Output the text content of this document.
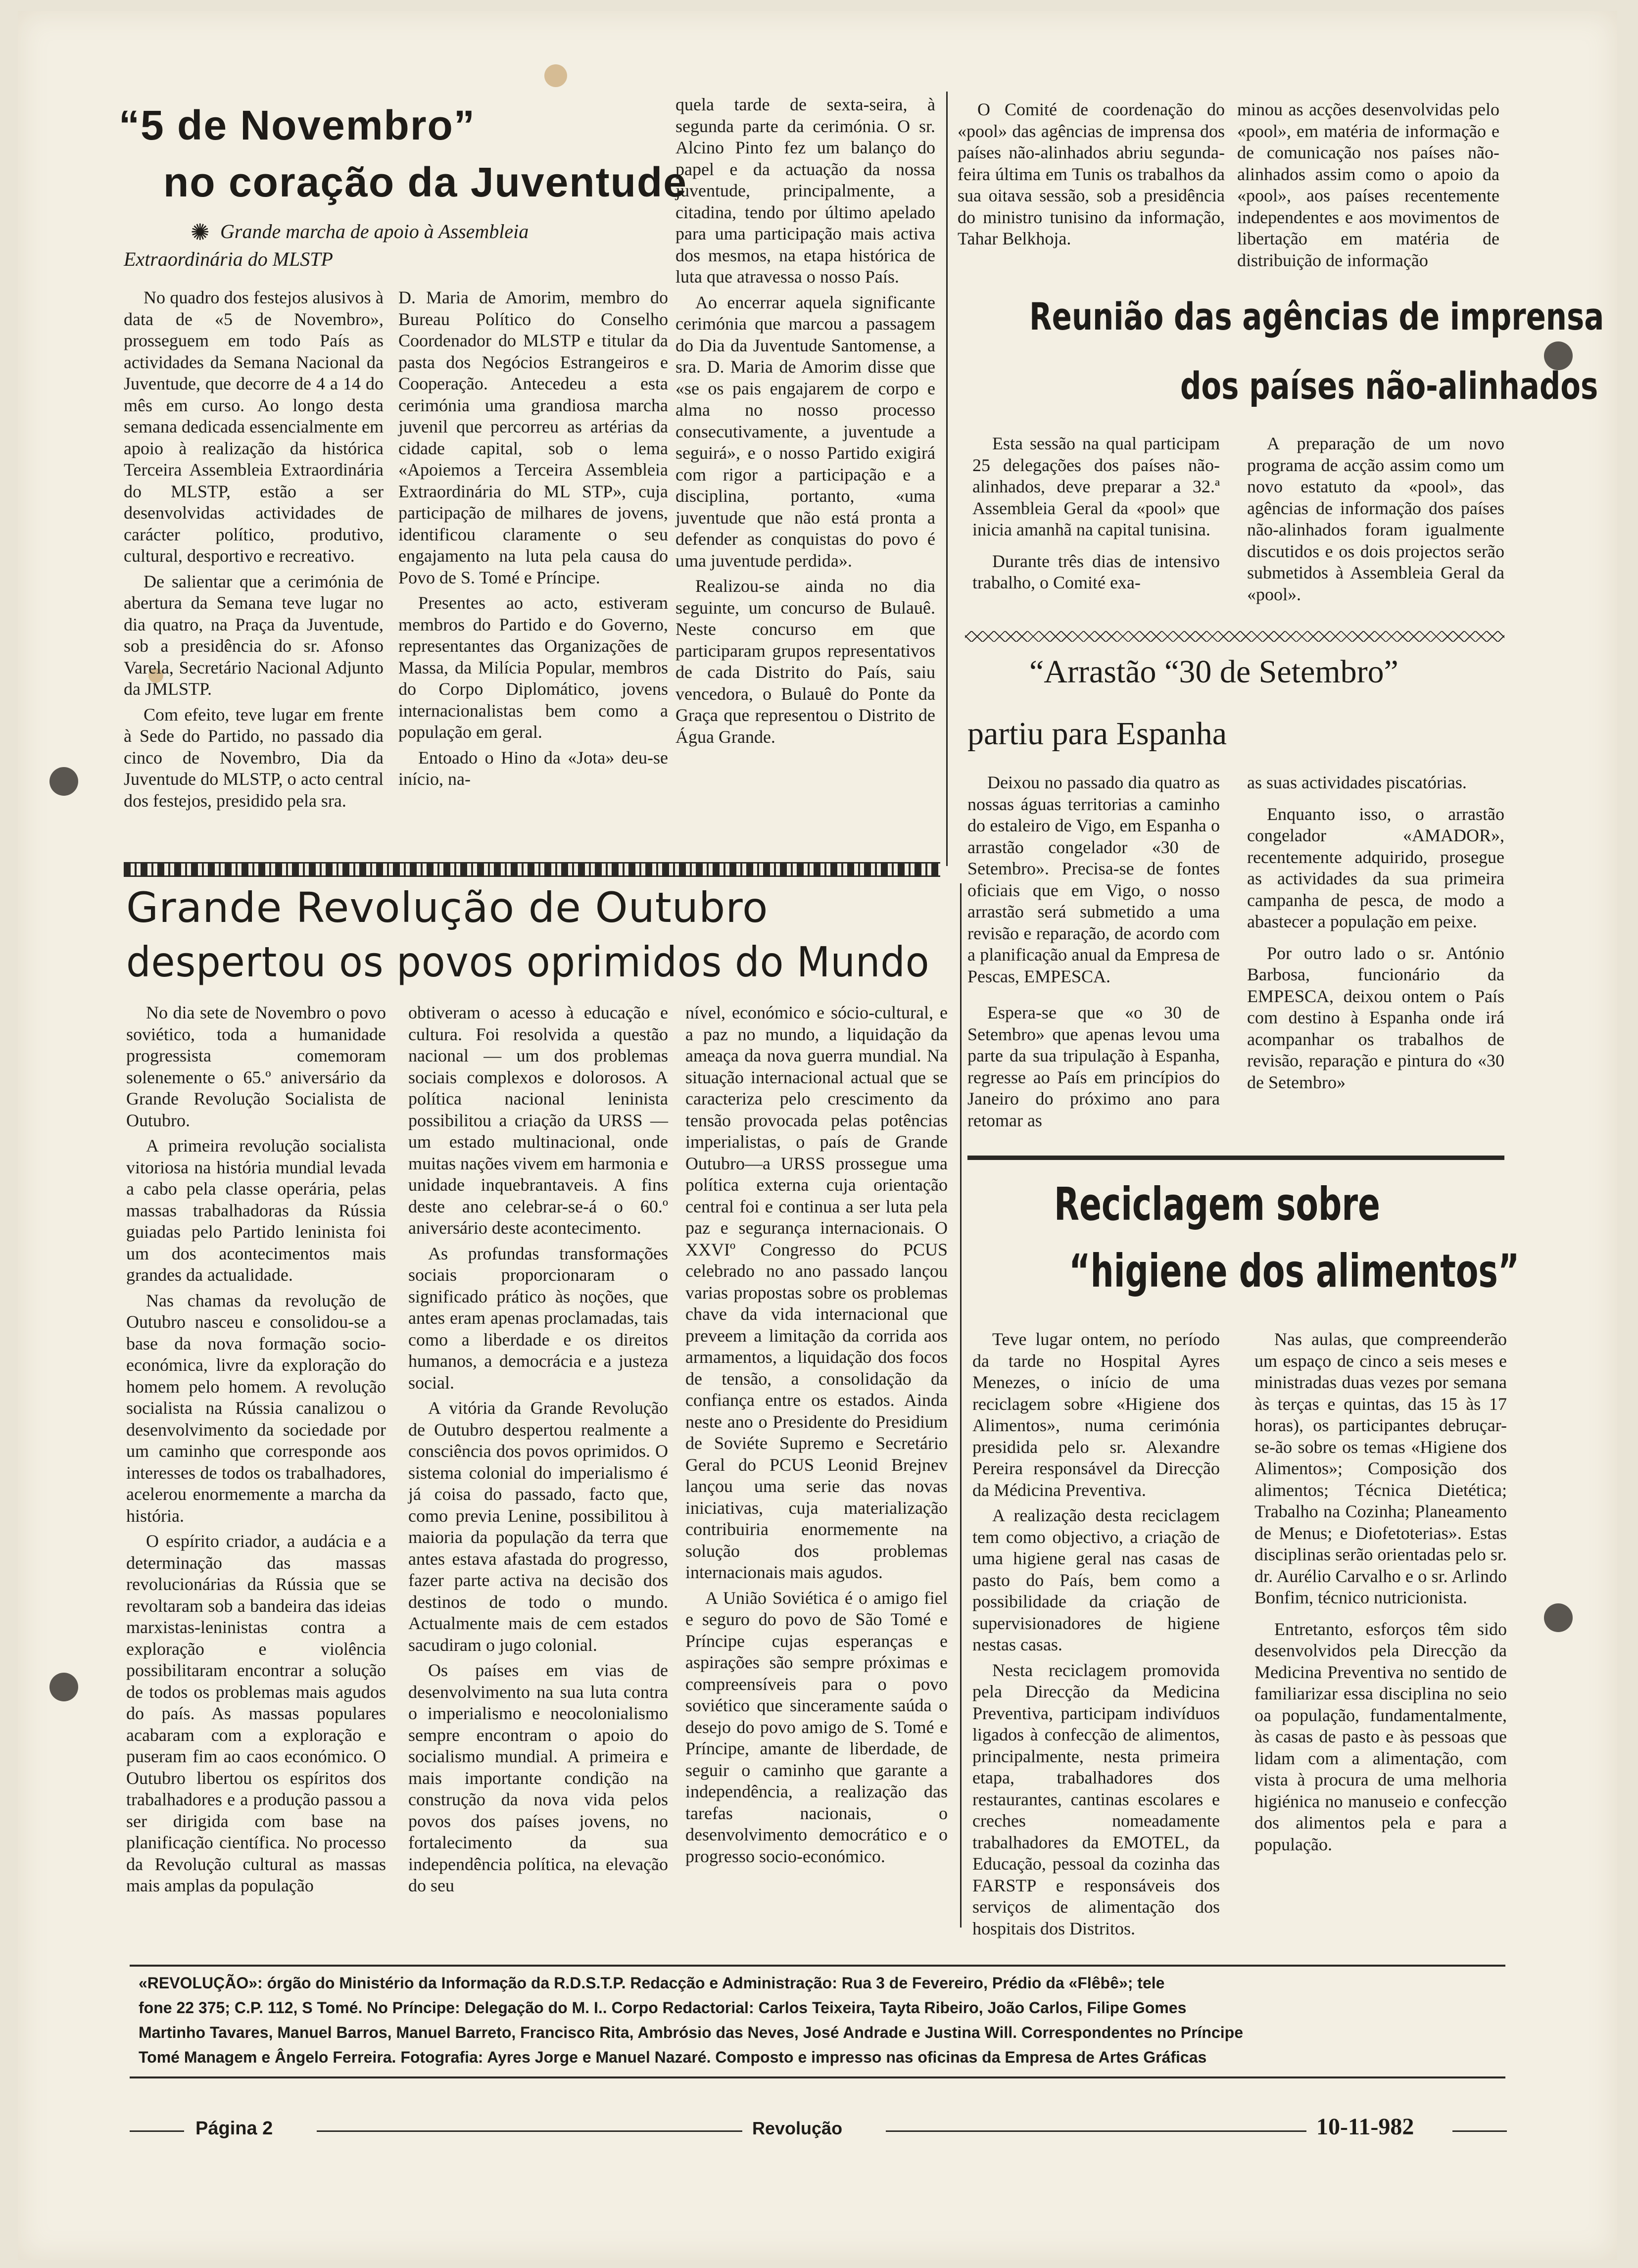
“5 de Novembro”
no coração da Juventude
✺ Grande marcha de apoio à Assembleia Extraordinária do MLSTP

No quadro dos festejos alusivos à data de «5 de Novembro», prosseguem em todo País as actividades da Semana Nacional da Juventude, que decorre de 4 a 14 do mês em curso. Ao longo desta semana dedicada essencialmente em apoio à realização da histórica Terceira Assembleia Extraordinária do MLSTP, estão a ser desenvolvidas actividades de carácter político, produtivo, cultural, desportivo e recreativo.

De salientar que a cerimónia de abertura da Semana teve lugar no dia quatro, na Praça da Juventude, sob a presidência do sr. Afonso Varela, Secretário Nacional Adjunto da JMLSTP.

Com efeito, teve lugar em frente à Sede do Partido, no passado dia cinco de Novembro, Dia da Juventude do MLSTP, o acto central dos festejos, presidido pela sra.

D. Maria de Amorim, membro do Bureau Político do Conselho Coordenador do MLSTP e titular da pasta dos Negócios Estrangeiros e Cooperação. Antecedeu a esta cerimónia uma grandiosa marcha juvenil que percorreu as artérias da cidade capital, sob o lema «Apoiemos a Terceira Assembleia Extraordinária do ML STP», cuja participação de milhares de jovens, identificou claramente o seu engajamento na luta pela causa do Povo de S. Tomé e Príncipe.

Presentes ao acto, estiveram membros do Partido e do Governo, representantes das Organizações de Massa, da Milícia Popular, membros do Corpo Diplomático, jovens internacionalistas bem como a população em geral.

Entoado o Hino da «Jota» deu-se início, na-

quela tarde de sexta-seira, à segunda parte da cerimónia. O sr. Alcino Pinto fez um balanço do papel e da actuação da nossa juventude, principalmente, a citadina, tendo por último apelado para uma participação mais activa dos mesmos, na etapa histórica de luta que atravessa o nosso País.

Ao encerrar aquela significante cerimónia que marcou a passagem do Dia da Juventude Santomense, a sra. D. Maria de Amorim disse que «se os pais engajarem de corpo e alma no nosso processo consecutivamente, a juventude a seguirá», e o nosso Partido exigirá com rigor a participação e a disciplina, portanto, «uma juventude que não está pronta a defender as conquistas do povo é uma juventude perdida».

Realizou-se ainda no dia seguinte, um concurso de Bulauê. Neste concurso em que participaram grupos representativos de cada Distrito do País, saiu vencedora, o Bulauê do Ponte da Graça que representou o Distrito de Água Grande.

O Comité de coordenação do «pool» das agências de imprensa dos países não-alinhados abriu segunda-feira última em Tunis os trabalhos da sua oitava sessão, sob a presidência do ministro tunisino da informação, Tahar Belkhoja.

minou as acções desenvolvidas pelo «pool», em matéria de informação e de comunicação nos países não-alinhados assim como o apoio da «pool», aos países recentemente independentes e aos movimentos de libertação em matéria de distribuição de informação

Reunião das agências de imprensa
dos países não-alinhados

Esta sessão na qual participam 25 delegações dos países não-alinhados, deve preparar a 32.ª Assembleia Geral da «pool» que inicia amanhã na capital tunisina.

Durante três dias de intensivo trabalho, o Comité exa-

A preparação de um novo programa de acção assim como um novo estatuto da «pool», das agências de informação dos países não-alinhados foram igualmente discutidos e os dois projectos serão submetidos à Assembleia Geral da «pool».

“Arrastão “30 de Setembro”
partiu para Espanha

Deixou no passado dia quatro as nossas águas territorias a caminho do estaleiro de Vigo, em Espanha o arrastão congelador «30 de Setembro». Precisa-se de fontes oficiais que em Vigo, o nosso arrastão será submetido a uma revisão e reparação, de acordo com a planificação anual da Empresa de Pescas, EMPESCA.

Espera-se que «o 30 de Setembro» que apenas levou uma parte da sua tripulação à Espanha, regresse ao País em princípios do Janeiro do próximo ano para retomar as

as suas actividades piscatórias.

Enquanto isso, o arrastão congelador «AMADOR», recentemente adquirido, prosegue as actividades da sua primeira campanha de pesca, de modo a abastecer a população em peixe.

Por outro lado o sr. António Barbosa, funcionário da EMPESCA, deixou ontem o País com destino à Espanha onde irá acompanhar os trabalhos de revisão, reparação e pintura do «30 de Setembro»

Grande Revolução de Outubro
despertou os povos oprimidos do Mundo

No dia sete de Novembro o povo soviético, toda a humanidade progressista comemoram solenemente o 65.º aniversário da Grande Revolução Socialista de Outubro.

A primeira revolução socialista vitoriosa na história mundial levada a cabo pela classe operária, pelas massas trabalhadoras da Rússia guiadas pelo Partido leninista foi um dos acontecimentos mais grandes da actualidade.

Nas chamas da revolução de Outubro nasceu e consolidou-se a base da nova formação socio-económica, livre da exploração do homem pelo homem. A revolução socialista na Rússia canalizou o desenvolvimento da sociedade por um caminho que corresponde aos interesses de todos os trabalhadores, acelerou enormemente a marcha da história.

O espírito criador, a audácia e a determinação das massas revolucionárias da Rússia que se revoltaram sob a bandeira das ideias marxistas-leninistas contra a exploração e violência possibilitaram encontrar a solução de todos os problemas mais agudos do país. As massas populares acabaram com a exploração e puseram fim ao caos económico. O Outubro libertou os espíritos dos trabalhadores e a produção passou a ser dirigida com base na planificação científica. No processo da Revolução cultural as massas mais amplas da população

obtiveram o acesso à educação e cultura. Foi resolvida a questão nacional — um dos problemas sociais complexos e dolorosos. A política nacional leninista possibilitou a criação da URSS — um estado multinacional, onde muitas nações vivem em harmonia e unidade inquebrantaveis. A fins deste ano celebrar-se-á o 60.º aniversário deste acontecimento.

As profundas transformações sociais proporcionaram o significado prático às noções, que antes eram apenas proclamadas, tais como a liberdade e os direitos humanos, a democrácia e a justeza social.

A vitória da Grande Revolução de Outubro despertou realmente a consciência dos povos oprimidos. O sistema colonial do imperialismo é já coisa do passado, facto que, como previa Lenine, possibilitou à maioria da população da terra que antes estava afastada do progresso, fazer parte activa na decisão dos destinos de todo o mundo. Actualmente mais de cem estados sacudiram o jugo colonial.

Os países em vias de desenvolvimento na sua luta contra o imperialismo e neocolonialismo sempre encontram o apoio do socialismo mundial. A primeira e mais importante condição na construção da nova vida pelos povos dos países jovens, no fortalecimento da sua independência política, na elevação do seu

nível, económico e sócio-cultural, e a paz no mundo, a liquidação da ameaça da nova guerra mundial. Na situação internacional actual que se caracteriza pelo crescimento da tensão provocada pelas potências imperialistas, o país de Grande Outubro—a URSS prossegue uma política externa cuja orientação central foi e continua a ser luta pela paz e segurança internacionais. O XXVIº Congresso do PCUS celebrado no ano passado lançou varias propostas sobre os problemas chave da vida internacional que preveem a limitação da corrida aos armamentos, a liquidação dos focos de tensão, a consolidação da confiança entre os estados. Ainda neste ano o Presidente do Presidium de Soviéte Supremo e Secretário Geral do PCUS Leonid Brejnev lançou uma serie das novas iniciativas, cuja materialização contribuiria enormemente na solução dos problemas internacionais mais agudos.

A União Soviética é o amigo fiel e seguro do povo de São Tomé e Príncipe cujas esperanças e aspirações são sempre próximas e compreensíveis para o povo soviético que sinceramente saúda o desejo do povo amigo de S. Tomé e Príncipe, amante de liberdade, de seguir o caminho que garante a independência, a realização das tarefas nacionais, o desenvolvimento democrático e o progresso socio-económico.

Reciclagem sobre
“higiene dos alimentos”

Teve lugar ontem, no período da tarde no Hospital Ayres Menezes, o início de uma reciclagem sobre «Higiene dos Alimentos», numa cerimónia presidida pelo sr. Alexandre Pereira responsável da Direcção da Médicina Preventiva.

A realização desta reciclagem tem como objectivo, a criação de uma higiene geral nas casas de pasto do País, bem como a possibilidade da criação de supervisionadores de higiene nestas casas.

Nesta reciclagem promovida pela Direcção da Medicina Preventiva, participam indivíduos ligados à confecção de alimentos, principalmente, nesta primeira etapa, trabalhadores dos restaurantes, cantinas escolares e creches nomeadamente trabalhadores da EMOTEL, da Educação, pessoal da cozinha das FARSTP e responsáveis dos serviços de alimentação dos hospitais dos Distritos.

Nas aulas, que compreenderão um espaço de cinco a seis meses e ministradas duas vezes por semana às terças e quintas, das 15 às 17 horas), os participantes debruçar-se-ão sobre os temas «Higiene dos Alimentos»; Composição dos alimentos; Técnica Dietética; Trabalho na Cozinha; Planeamento de Menus; e Diofetoterias». Estas disciplinas serão orientadas pelo sr. dr. Aurélio Carvalho e o sr. Arlindo Bonfim, técnico nutricionista.

Entretanto, esforços têm sido desenvolvidos pela Direcção da Medicina Preventiva no sentido de familiarizar essa disciplina no seio oa população, fundamentalmente, às casas de pasto e às pessoas que lidam com a alimentação, com vista à procura de uma melhoria higiénica no manuseio e confecção dos alimentos pela e para a população.

«REVOLUÇÃO»: órgão do Ministério da Informação da R.D.S.T.P. Redacção e Administração: Rua 3 de Fevereiro, Prédio da «Flêbê»; tele
fone 22 375; C.P. 112, S Tomé. No Príncipe: Delegação do M. I.. Corpo Redactorial: Carlos Teixeira, Tayta Ribeiro, João Carlos, Filipe Gomes
Martinho Tavares, Manuel Barros, Manuel Barreto, Francisco Rita, Ambrósio das Neves, José Andrade e Justina Will. Correspondentes no Príncipe
Tomé Managem e Ângelo Ferreira. Fotografia: Ayres Jorge e Manuel Nazaré. Composto e impresso nas oficinas da Empresa de Artes Gráficas
Página 2	Revolução	10-11-982
